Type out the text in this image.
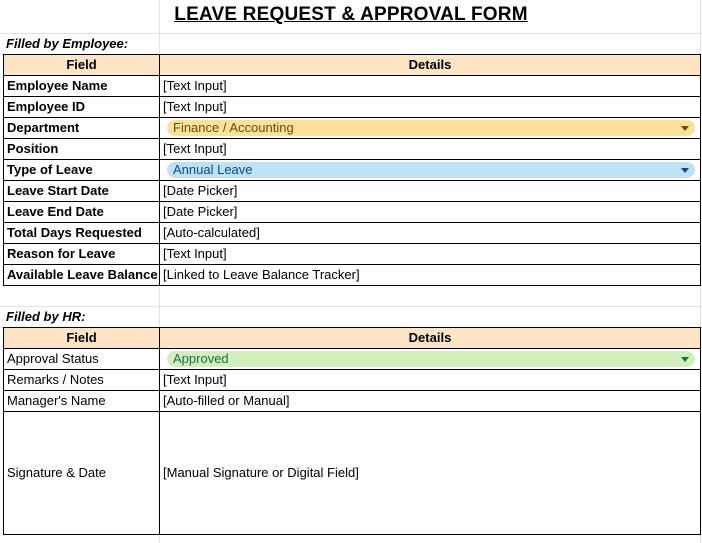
LEAVE REQUEST & APPROVAL FORM
Filled by Employee:
Field	Details
Employee Name	[Text Input]
Employee ID	[Text Input]
Department	Finance / Accounting

Position	[Text Input]
Type of Leave	Annual Leave

Leave Start Date	[Date Picker]
Leave End Date	[Date Picker]
Total Days Requested	[Auto-calculated]
Reason for Leave	[Text Input]
Available Leave Balance	[Linked to Leave Balance Tracker]
Filled by HR:
Field	Details
Approval Status	Approved

Remarks / Notes	[Text Input]
Manager's Name	[Auto-filled or Manual]
Signature & Date	[Manual Signature or Digital Field]
